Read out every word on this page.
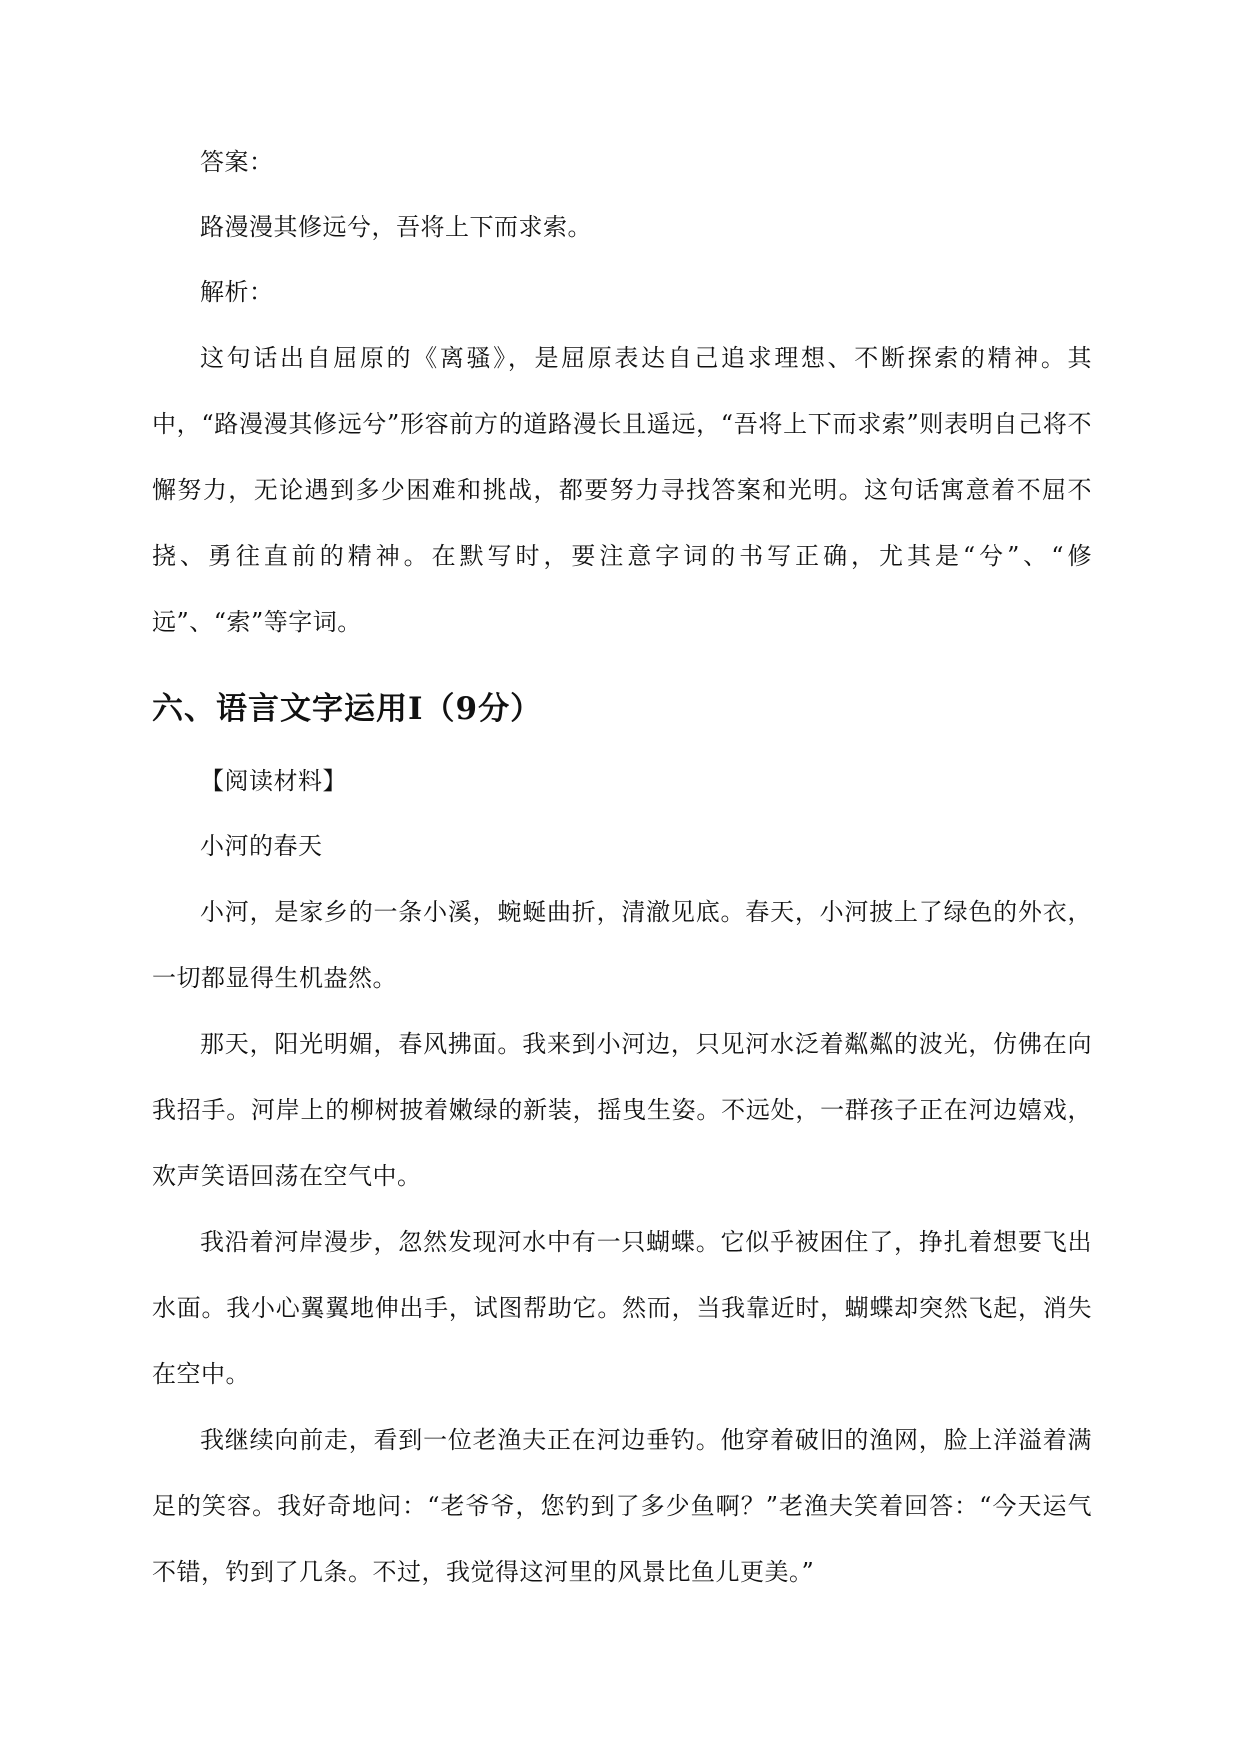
答案：
路漫漫其修远兮，吾将上下而求索。
解析：

这句话出自屈原的《离骚》，是屈原表达自己追求理想、不断探索的精神。其中，“路漫漫其修远兮”形容前方的道路漫长且遥远，“吾将上下而求索”则表明自己将不懈努力，无论遇到多少困难和挑战，都要努力寻找答案和光明。这句话寓意着不屈不挠、勇往直前的精神。在默写时，要注意字词的书写正确，尤其是“兮”、“修远”、“索”等字词。

六、语言文字运用Ⅰ（9分）
【阅读材料】
小河的春天

小河，是家乡的一条小溪，蜿蜒曲折，清澈见底。春天，小河披上了绿色的外衣，一切都显得生机盎然。

那天，阳光明媚，春风拂面。我来到小河边，只见河水泛着粼粼的波光，仿佛在向我招手。河岸上的柳树披着嫩绿的新装，摇曳生姿。不远处，一群孩子正在河边嬉戏，欢声笑语回荡在空气中。

我沿着河岸漫步，忽然发现河水中有一只蝴蝶。它似乎被困住了，挣扎着想要飞出水面。我小心翼翼地伸出手，试图帮助它。然而，当我靠近时，蝴蝶却突然飞起，消失在空中。

我继续向前走，看到一位老渔夫正在河边垂钓。他穿着破旧的渔网，脸上洋溢着满足的笑容。我好奇地问：“老爷爷，您钓到了多少鱼啊？”老渔夫笑着回答：“今天运气不错，钓到了几条。不过，我觉得这河里的风景比鱼儿更美。”
